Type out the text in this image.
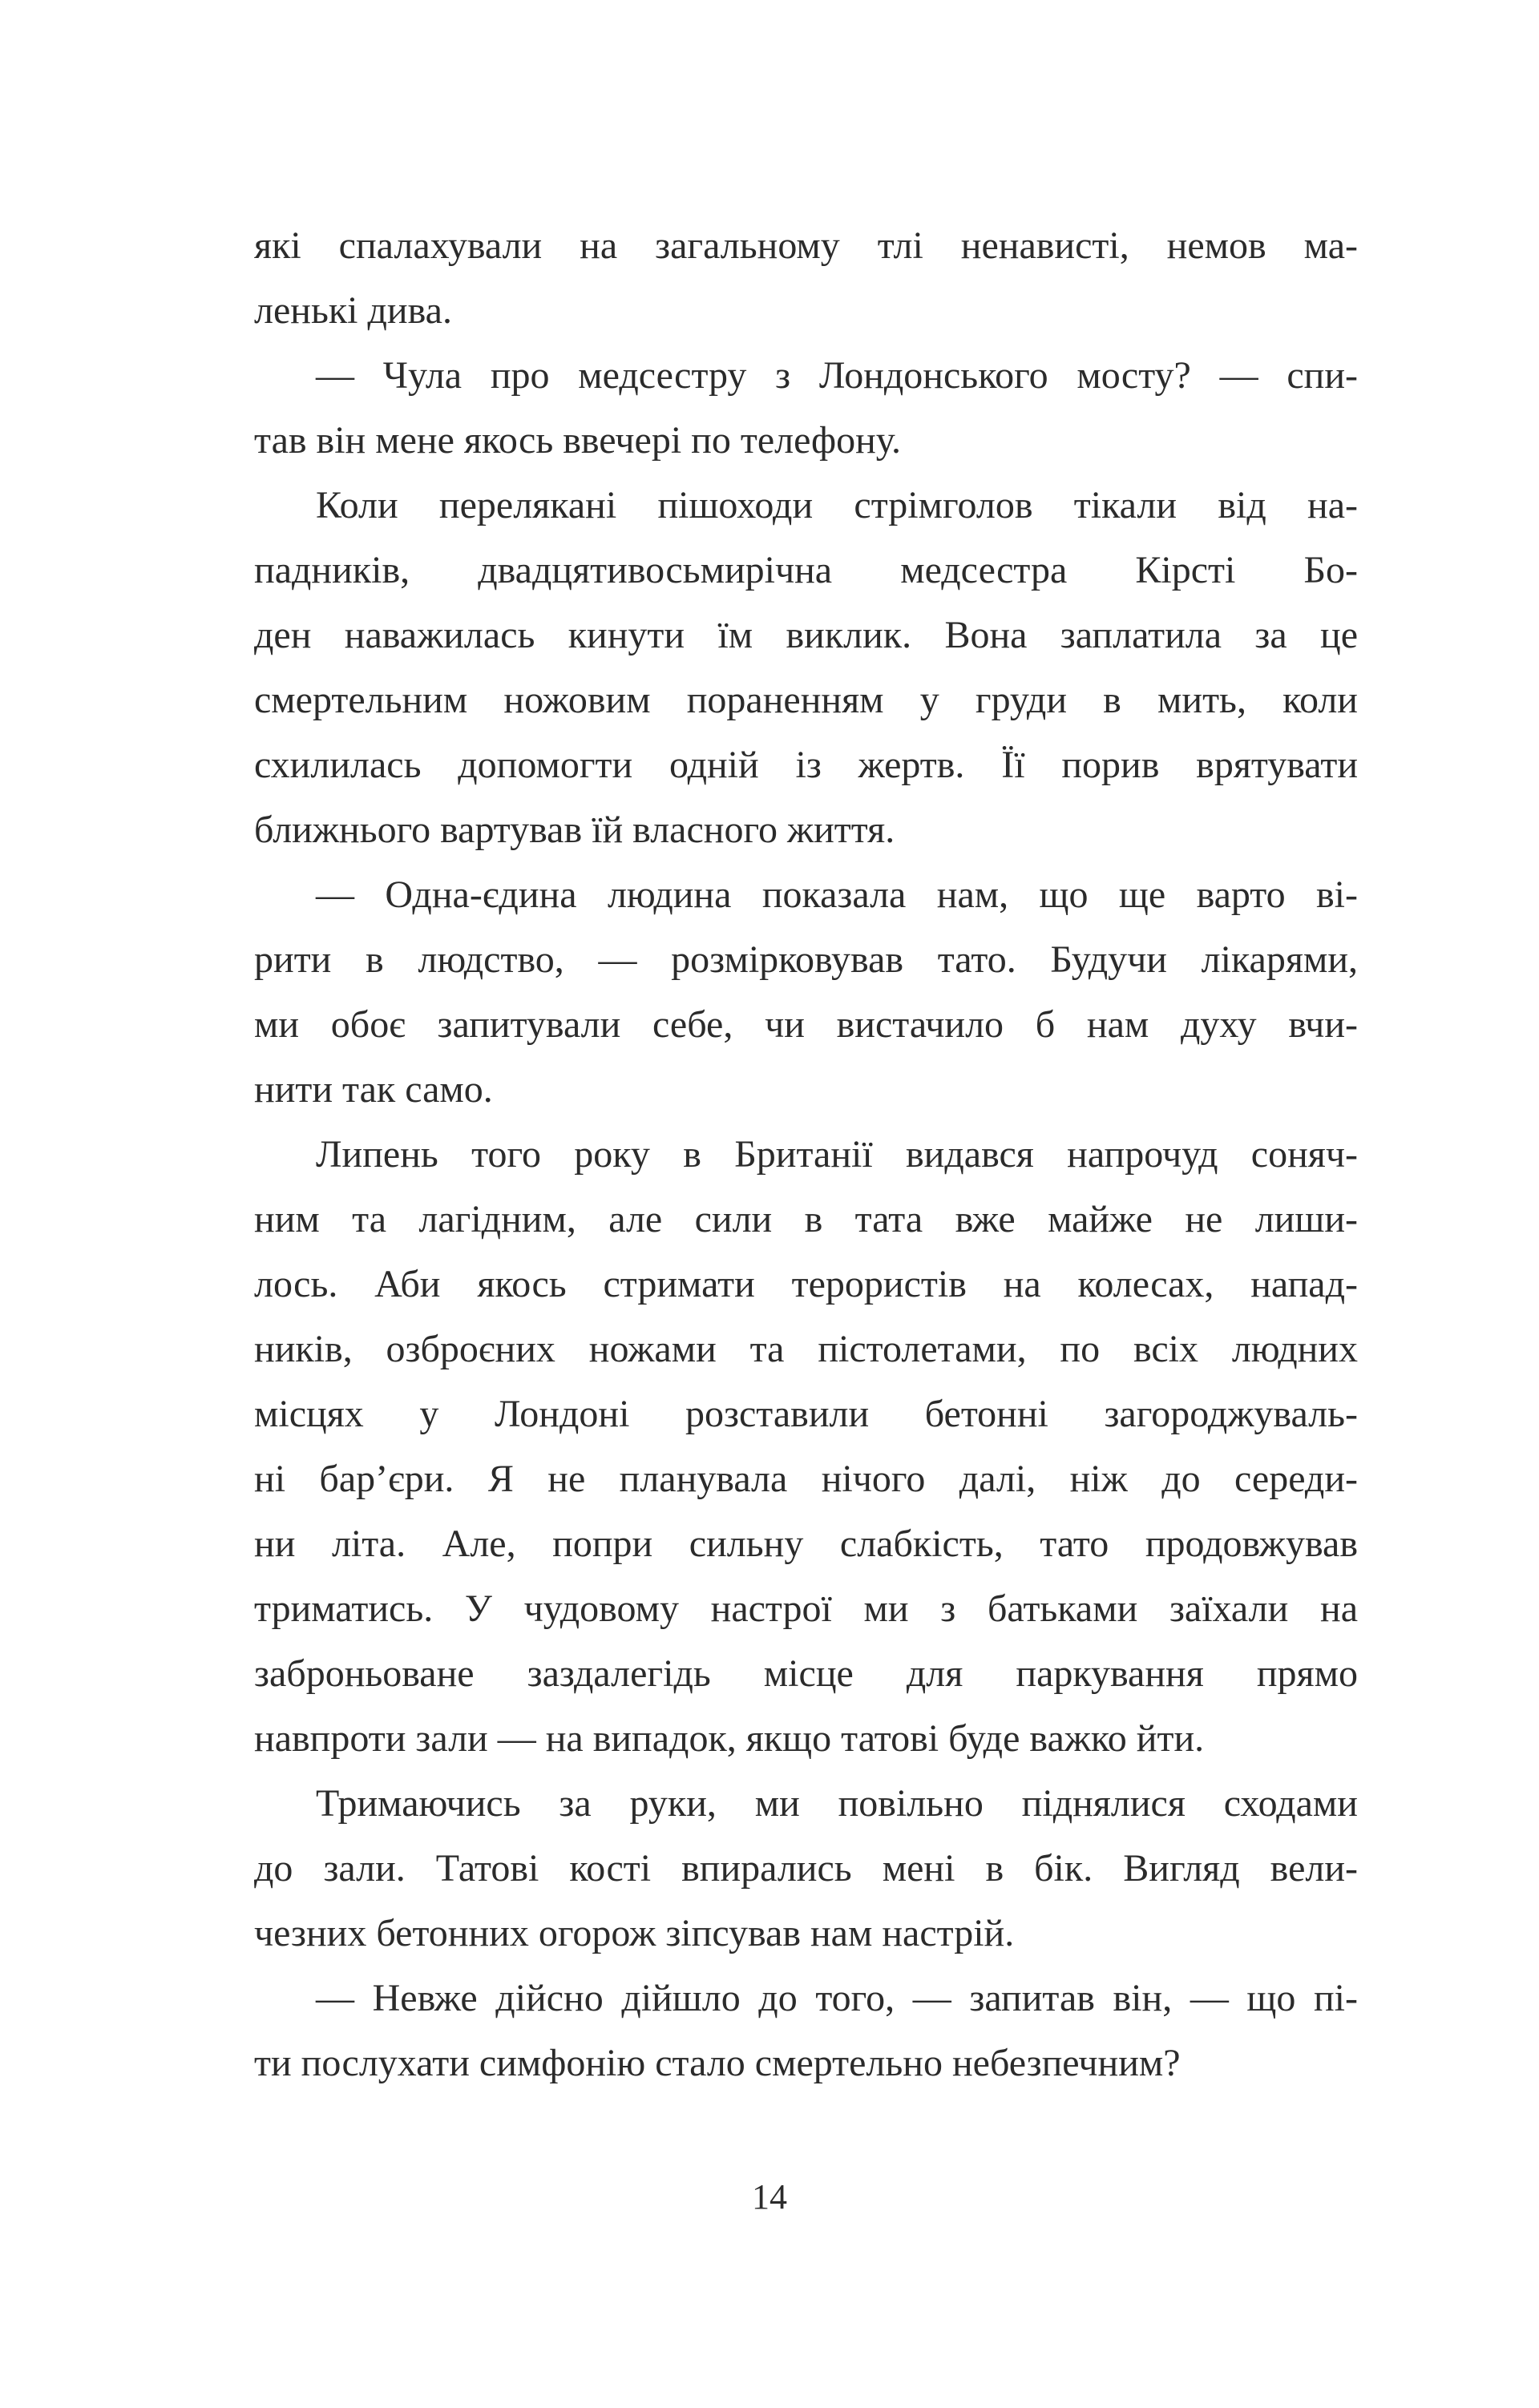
які спалахували на загальному тлі ненависті, немов ма-
ленькі дива.
— Чула про медсестру з Лондонського мосту? — спи-
тав він мене якось ввечері по телефону.
Коли перелякані пішоходи стрімголов тікали від на-
падників, двадцятивосьмирічна медсестра Кірсті Бо-
ден наважилась кинути їм виклик. Вона заплатила за це
смертельним ножовим пораненням у груди в мить, коли
схилилась допомогти одній із жертв. Її порив врятувати
ближнього вартував їй власного життя.
— Одна-єдина людина показала нам, що ще варто ві-
рити в людство, — розмірковував тато. Будучи лікарями,
ми обоє запитували себе, чи вистачило б нам духу вчи-
нити так само.
Липень того року в Британії видався напрочуд соняч-
ним та лагідним, але сили в тата вже майже не лиши-
лось. Аби якось стримати терористів на колесах, напад-
ників, озброєних ножами та пістолетами, по всіх людних
місцях у Лондоні розставили бетонні загороджуваль-
ні бар’єри. Я не планувала нічого далі, ніж до середи-
ни літа. Але, попри сильну слабкість, тато продовжував
триматись. У чудовому настрої ми з батьками заїхали на
заброньоване заздалегідь місце для паркування прямо
навпроти зали — на випадок, якщо татові буде важко йти.
Тримаючись за руки, ми повільно піднялися сходами
до зали. Татові кості впирались мені в бік. Вигляд вели-
чезних бетонних огорож зіпсував нам настрій.
— Невже дійсно дійшло до того, — запитав він, — що пі-
ти послухати симфонію стало смертельно небезпечним?
14
